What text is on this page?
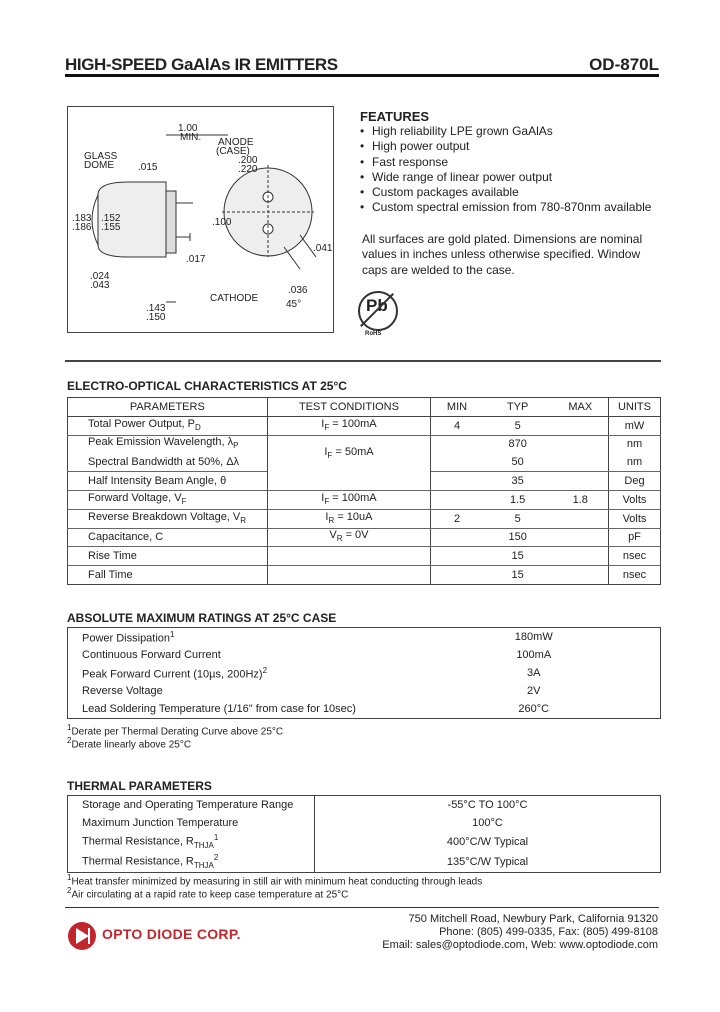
HIGH-SPEED GaAlAs IR EMITTERS	OD-870L
1.00
MIN. ANODE
(CASE)
GLASS
DOME .015
.200
.220
.183
.186
.152
.155	.100
.017
.041
.036
.024
.043
.143
.150
CATHODE
45°
FEATURES
• High reliability LPE grown GaAlAs
• High power output
• Fast response
• Wide range of linear power output
• Custom packages available
• Custom spectral emission from 780-870nm available
All surfaces are gold plated. Dimensions are nominal values in inches unless otherwise specified. Window caps are welded to the case.
Pb
RoHS
ELECTRO-OPTICAL CHARACTERISTICS AT 25°C
PARAMETERS	TEST CONDITIONS	MIN	TYP	MAX	UNITS
Total Power Output, $P_D$	$I_F = 100mA$	4	5		mW
Peak Emission Wavelength, $\lambda_P$	$I_F = 50mA$		870		nm
Spectral Bandwidth at 50%, Δλ			50		nm
Half Intensity Beam Angle, θ			35		Deg
Forward Voltage, $V_F$	$I_F = 100mA$		1.5	1.8	Volts
Reverse Breakdown Voltage, $V_R$	$I_R = 10uA$	2	5		Volts
Capacitance, C	$V_R = 0V$		150		pF
Rise Time			15		nsec
Fall Time			15		nsec
ABSOLUTE MAXIMUM RATINGS AT 25°C CASE
Power Dissipation$^1$	180mW
Continuous Forward Current	100mA
Peak Forward Current (10µs, 200Hz)$^2$	3A
Reverse Voltage	2V
Lead Soldering Temperature (1/16" from case for 10sec)	260°C
$^1$Derate per Thermal Derating Curve above 25°C
$^2$Derate linearly above 25°C
THERMAL PARAMETERS
Storage and Operating Temperature Range	-55°C TO 100°C
Maximum Junction Temperature	100°C
Thermal Resistance, $R_{THJA}^1$	400°C/W Typical
Thermal Resistance, $R_{THJA}^2$	135°C/W Typical
$^1$Heat transfer minimized by measuring in still air with minimum heat conducting through leads
$^2$Air circulating at a rapid rate to keep case temperature at 25°C
OPTO DIODE CORP.
750 Mitchell Road, Newbury Park, California 91320
Phone: (805) 499-0335, Fax: (805) 499-8108
Email: sales@optodiode.com, Web: www.optodiode.com
